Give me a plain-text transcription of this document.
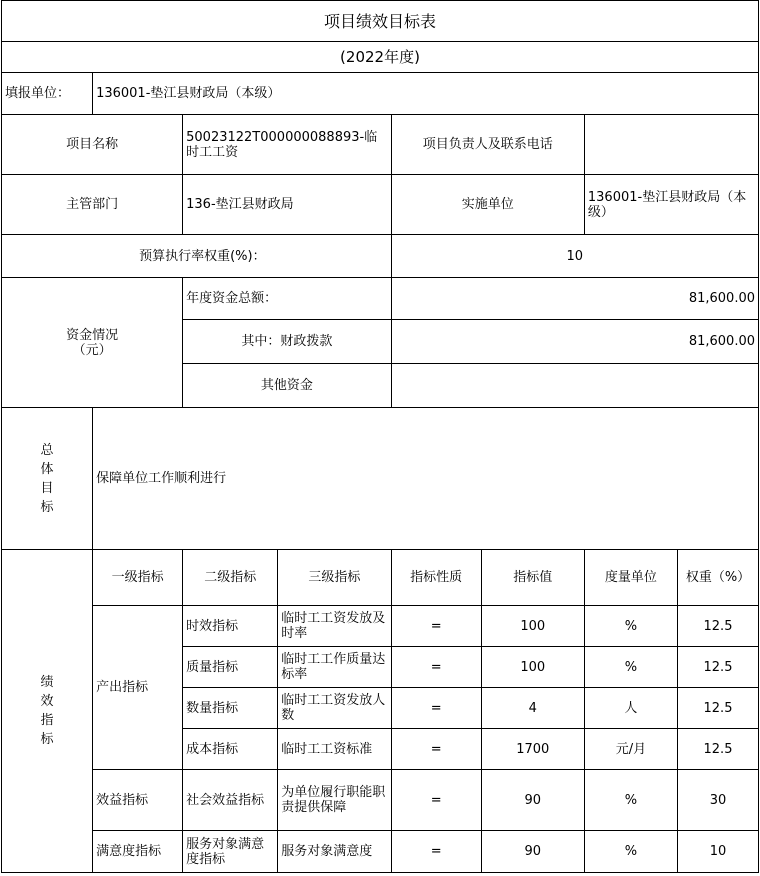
项目绩效目标表							
(2022年度)							
填报单位：	136001-垫江县财政局（本级）						
项目名称		50023122T000000088893-临时工工资		项目负责人及联系电话			
主管部门		136-垫江县财政局		实施单位		136001-垫江县财政局（本级）	
预算执行率权重(%)：				10			
资金情况
（元）		年度资金总额：		81,600.00			
		其中：财政拨款		81,600.00			
		其他资金					

总
体
目
标	保障单位工作顺利进行						

绩
效
指
标	一级指标	二级指标	三级指标	指标性质	指标值	度量单位	权重（%）
	产出指标	时效指标	临时工工资发放及时率	=	100	%	12.5
		质量指标	临时工工作质量达标率	=	100	%	12.5
		数量指标	临时工工资发放人数	=	4	人	12.5
		成本指标	临时工工资标准	=	1700	元/月	12.5
	效益指标	社会效益指标	为单位履行职能职责提供保障	=	90	%	30
	满意度指标	服务对象满意度指标	服务对象满意度	=	90	%	10
